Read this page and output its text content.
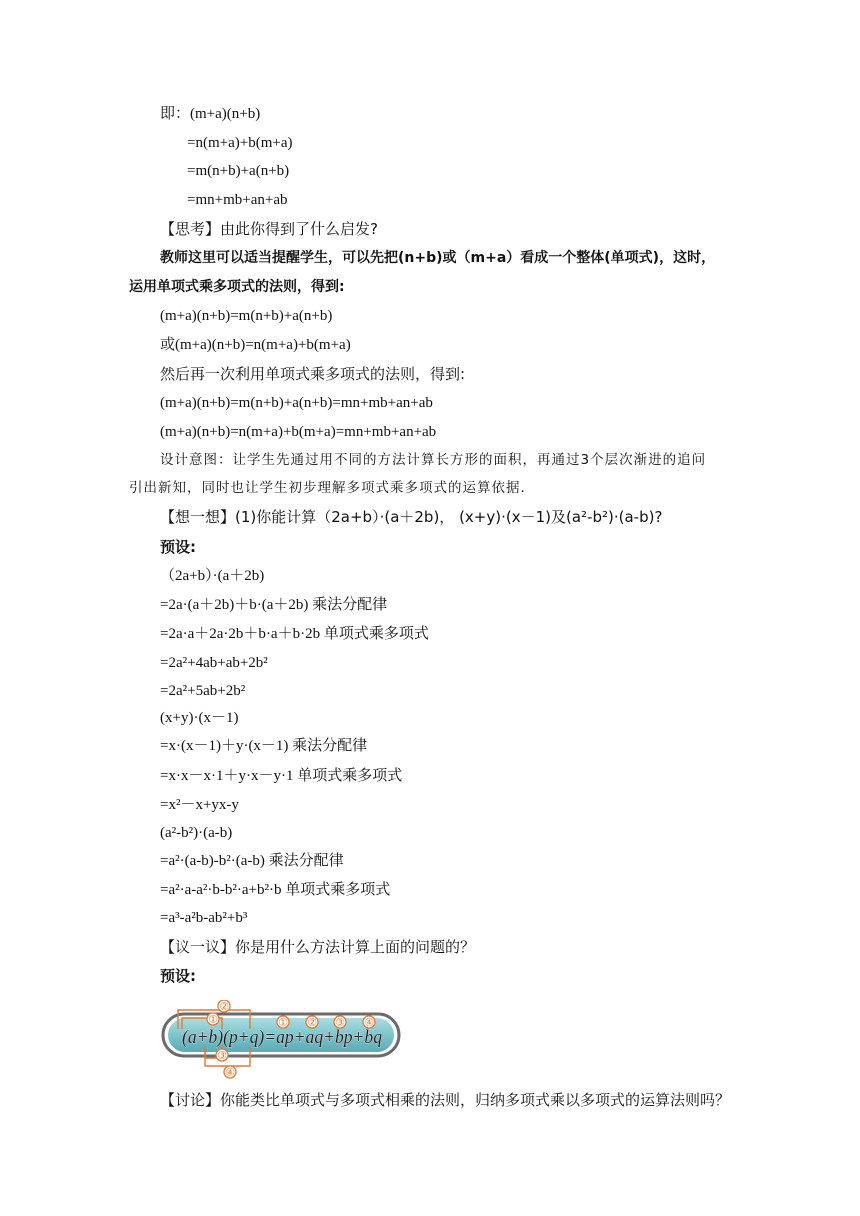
即：(m+a)(n+b)
=n(m+a)+b(m+a)
=m(n+b)+a(n+b)
=mn+mb+an+ab
【思考】由此你得到了什么启发?
教师这里可以适当提醒学生，可以先把(n+b)或（m+a）看成一个整体(单项式)，这时，
运用单项式乘多项式的法则，得到:
(m+a)(n+b)=m(n+b)+a(n+b)
或(m+a)(n+b)=n(m+a)+b(m+a)
然后再一次利用单项式乘多项式的法则，得到:
(m+a)(n+b)=m(n+b)+a(n+b)=mn+mb+an+ab
(m+a)(n+b)=n(m+a)+b(m+a)=mn+mb+an+ab
设计意图：让学生先通过用不同的方法计算长方形的面积，再通过3个层次渐进的追问
引出新知，同时也让学生初步理解多项式乘多项式的运算依据.
【想一想】(1)你能计算（2a+b）·(a＋2b)， (x+y)·(x－1)及(a²-b²)·(a-b)?
预设:
（2a+b）·(a＋2b)
=2a·(a＋2b)＋b·(a＋2b) 乘法分配律
=2a·a＋2a·2b＋b·a＋b·2b 单项式乘多项式
=2a²+4ab+ab+2b²
=2a²+5ab+2b²
(x+y)·(x－1)
=x·(x－1)＋y·(x－1) 乘法分配律
=x·x－x·1＋y·x－y·1 单项式乘多项式
=x²－x+yx-y
(a²-b²)·(a-b)
=a²·(a-b)-b²·(a-b) 乘法分配律
=a²·a-a²·b-b²·a+b²·b 单项式乘多项式
=a³-a²b-ab²+b³
【议一议】你是用什么方法计算上面的问题的？
预设:
①
②
③
④
① ② ③ ④
(a+b)(p+q)=ap+aq+bp+bq
【讨论】你能类比单项式与多项式相乘的法则，归纳多项式乘以多项式的运算法则吗？
